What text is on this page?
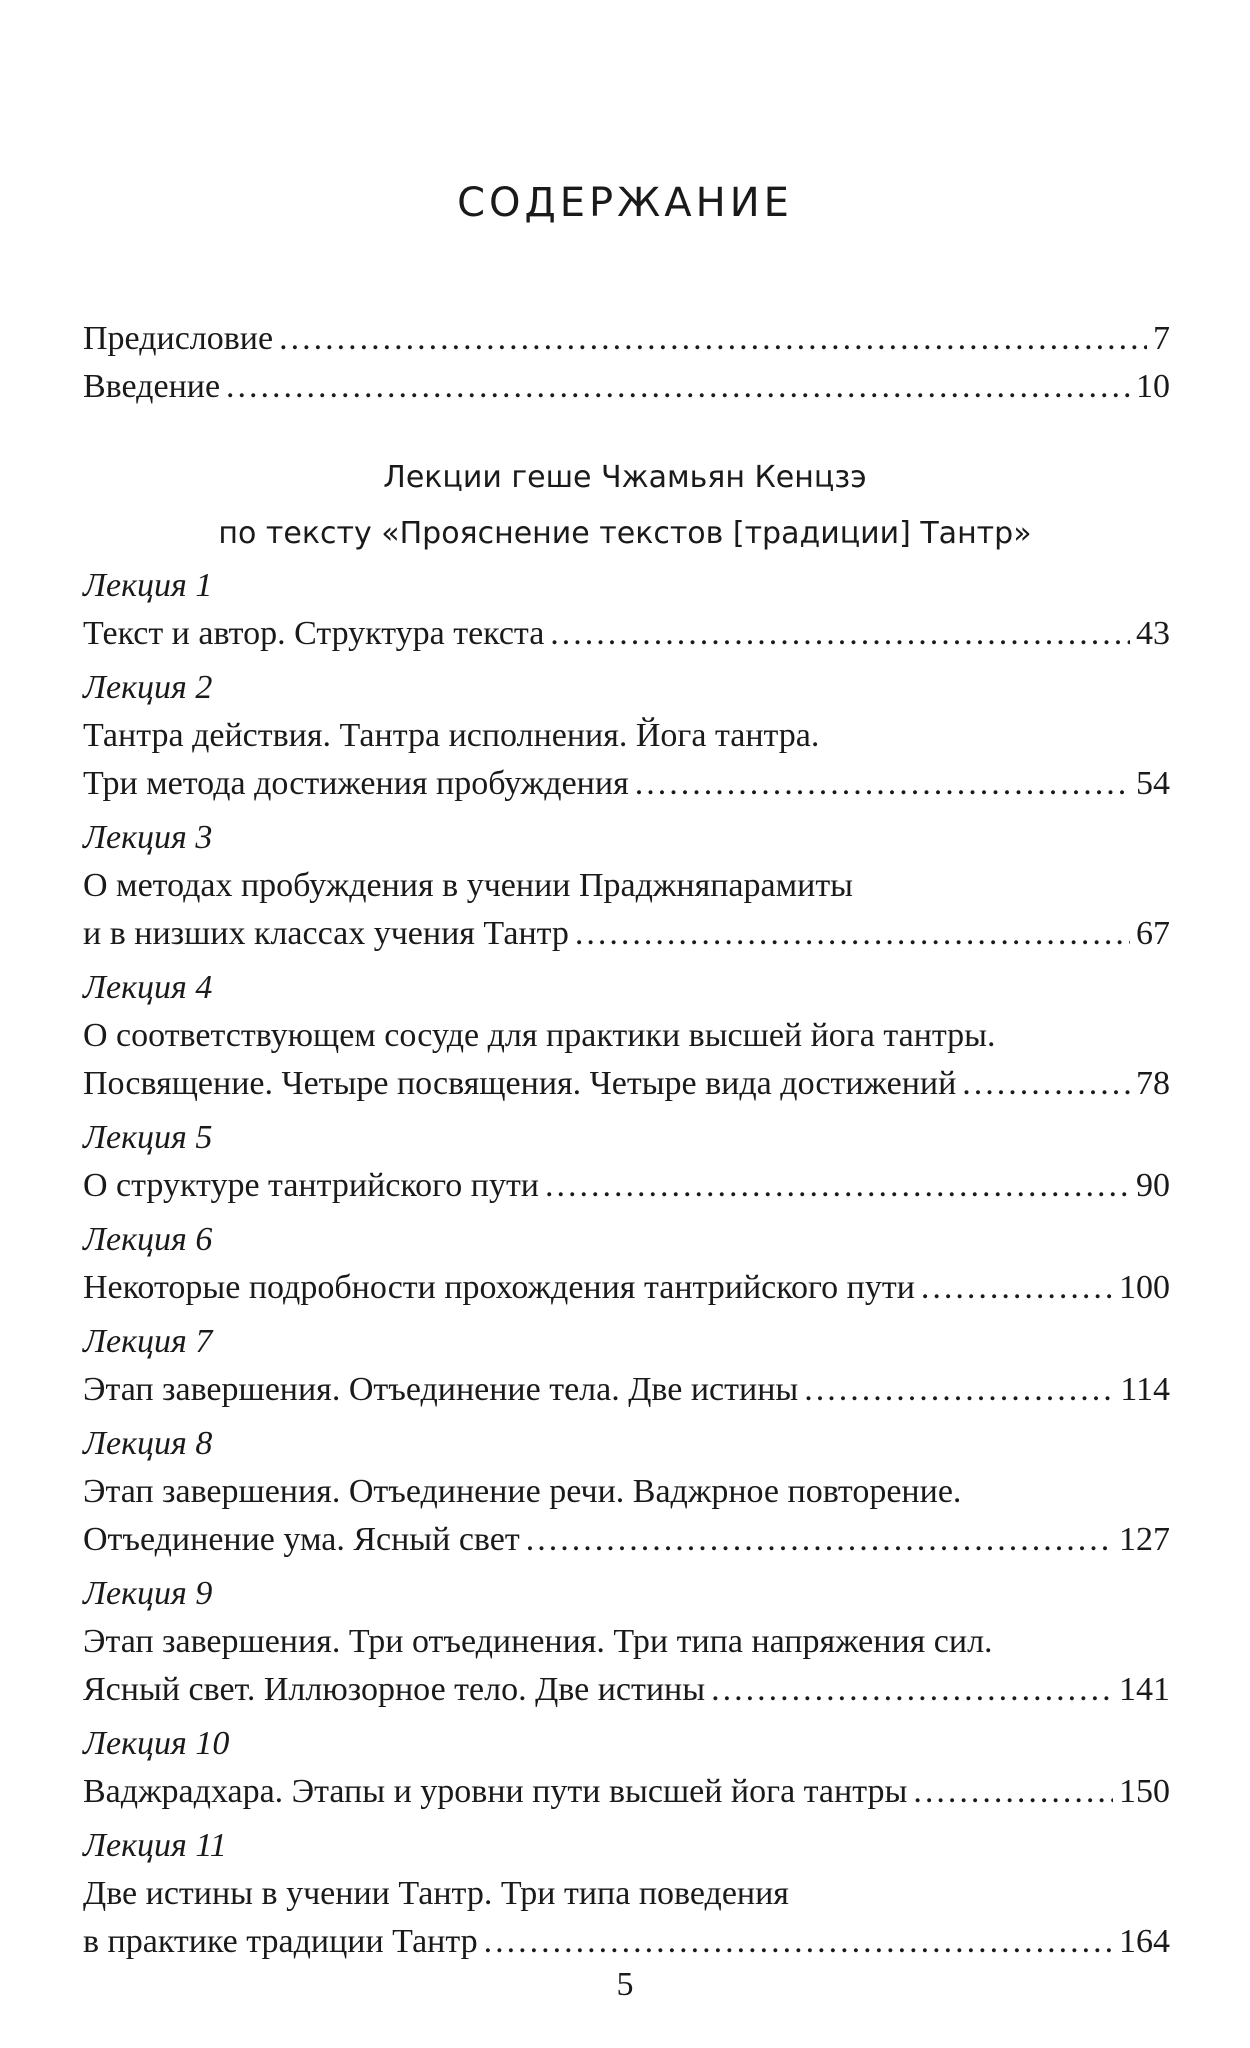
СОДЕРЖАНИЕ
Предисловие .....	7
Введение .....	10
Лекции геше Чжамьян Кенцзэ
по тексту «Прояснение текстов [традиции] Тантр»
Лекция 1
Текст и автор. Структура текста .....	43
Лекция 2
Тантра действия. Тантра исполнения. Йога тантра.
Три метода достижения пробуждения .....	54
Лекция 3
О методах пробуждения в учении Праджняпарамиты
и в низших классах учения Тантр .....	67
Лекция 4
О соответствующем сосуде для практики высшей йога тантры.
Посвящение. Четыре посвящения. Четыре вида достижений .....	78
Лекция 5
О структуре тантрийского пути .....	90
Лекция 6
Некоторые подробности прохождения тантрийского пути .....	100
Лекция 7
Этап завершения. Отъединение тела. Две истины .....	114
Лекция 8
Этап завершения. Отъединение речи. Ваджрное повторение.
Отъединение ума. Ясный свет .....	127
Лекция 9
Этап завершения. Три отъединения. Три типа напряжения сил.
Ясный свет. Иллюзорное тело. Две истины .....	141
Лекция 10
Ваджрадхара. Этапы и уровни пути высшей йога тантры .....	150
Лекция 11
Две истины в учении Тантр. Три типа поведения
в практике традиции Тантр .....	164
5
